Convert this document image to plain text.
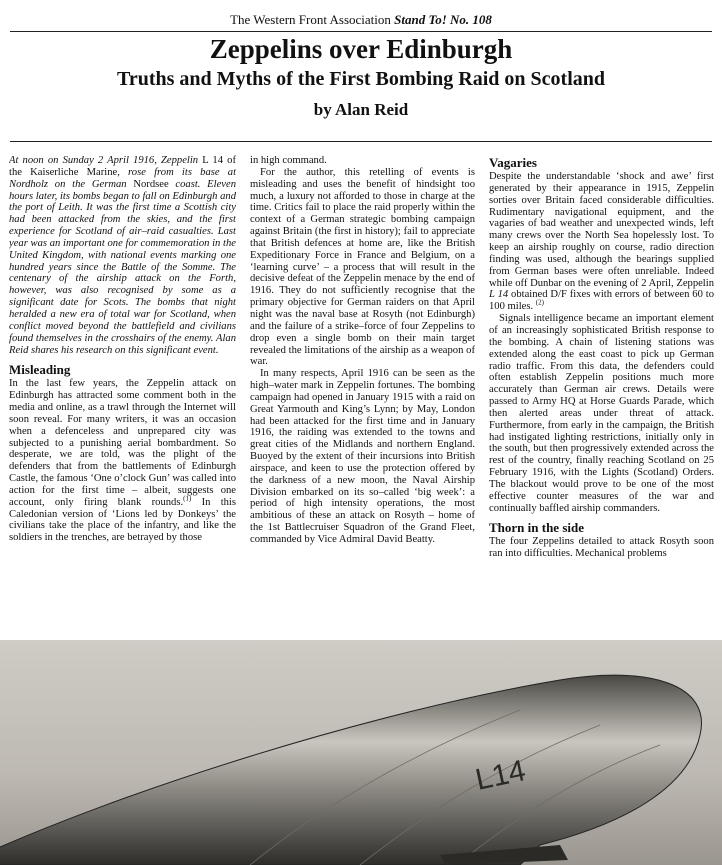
The Western Front Association Stand To! No. 108
Zeppelins over Edinburgh
Truths and Myths of the First Bombing Raid on Scotland
by Alan Reid

At noon on Sunday 2 April 1916, Zeppelin L 14 of the Kaiserliche Marine, rose from its base at Nordholz on the German Nordsee coast. Eleven hours later, its bombs began to fall on Edinburgh and the port of Leith. It was the first time a Scottish city had been attacked from the skies, and the first experience for Scotland of air–raid casualties. Last year was an important one for commemoration in the United Kingdom, with national events marking one hundred years since the Battle of the Somme. The centenary of the airship attack on the Forth, however, was also recognised by some as a significant date for Scots. The bombs that night heralded a new era of total war for Scotland, when conflict moved beyond the battlefield and civilians found themselves in the crosshairs of the enemy. Alan Reid shares his research on this significant event.

Misleading

In the last few years, the Zeppelin attack on Edinburgh has attracted some comment both in the media and online, as a trawl through the Internet will soon reveal. For many writers, it was an occasion when a defenceless and unprepared city was subjected to a punishing aerial bombardment. So desperate, we are told, was the plight of the defenders that from the battlements of Edinburgh Castle, the famous ‘One o’clock Gun’ was called into action for the first time – albeit, suggests one account, only firing blank rounds.$^{(1)}$ In this Caledonian version of ‘Lions led by Donkeys’ the civilians take the place of the infantry, and like the soldiers in the trenches, are betrayed by those

in high command.

For the author, this retelling of events is misleading and uses the benefit of hindsight too much, a luxury not afforded to those in charge at the time. Critics fail to place the raid properly within the context of a German strategic bombing campaign against Britain (the first in history); fail to appreciate that British defences at home are, like the British Expeditionary Force in France and Belgium, on a ‘learning curve’ – a process that will result in the decisive defeat of the Zeppelin menace by the end of 1916. They do not sufficiently recognise that the primary objective for German raiders on that April night was the naval base at Rosyth (not Edinburgh) and the failure of a strike–force of four Zeppelins to drop even a single bomb on their main target revealed the limitations of the airship as a weapon of war.

In many respects, April 1916 can be seen as the high–water mark in Zeppelin fortunes. The bombing campaign had opened in January 1915 with a raid on Great Yarmouth and King’s Lynn; by May, London had been attacked for the first time and in January 1916, the raiding was extended to the towns and great cities of the Midlands and northern England. Buoyed by the extent of their incursions into British airspace, and keen to use the protection offered by the darkness of a new moon, the Naval Airship Division embarked on its so–called ‘big week’: a period of high intensity operations, the most ambitious of these an attack on Rosyth – home of the 1st Battlecruiser Squadron of the Grand Fleet, commanded by Vice Admiral David Beatty.

Vagaries

Despite the understandable ‘shock and awe’ first generated by their appearance in 1915, Zeppelin sorties over Britain faced considerable difficulties. Rudimentary navigational equipment, and the vagaries of bad weather and unexpected winds, left many crews over the North Sea hopelessly lost. To keep an airship roughly on course, radio direction finding was used, although the bearings supplied from German bases were often unreliable. Indeed while off Dunbar on the evening of 2 April, Zeppelin L 14 obtained D/F fixes with errors of between 60 to 100 miles. $^{(2)}$

Signals intelligence became an important element of an increasingly sophisticated British response to the bombing. A chain of listening stations was extended along the east coast to pick up German radio traffic. From this data, the defenders could often establish Zeppelin positions much more accurately than German air crews. Details were passed to Army HQ at Horse Guards Parade, which then alerted areas under threat of attack. Furthermore, from early in the campaign, the British had instigated lighting restrictions, initially only in the south, but then progressively extended across the rest of the country, finally reaching Scotland on 25 February 1916, with the Lights (Scotland) Orders. The blackout would prove to be one of the most effective counter measures of the war and continually baffled airship commanders.

Thorn in the side

The four Zeppelins detailed to attack Rosyth soon ran into difficulties. Mechanical problems

L14
